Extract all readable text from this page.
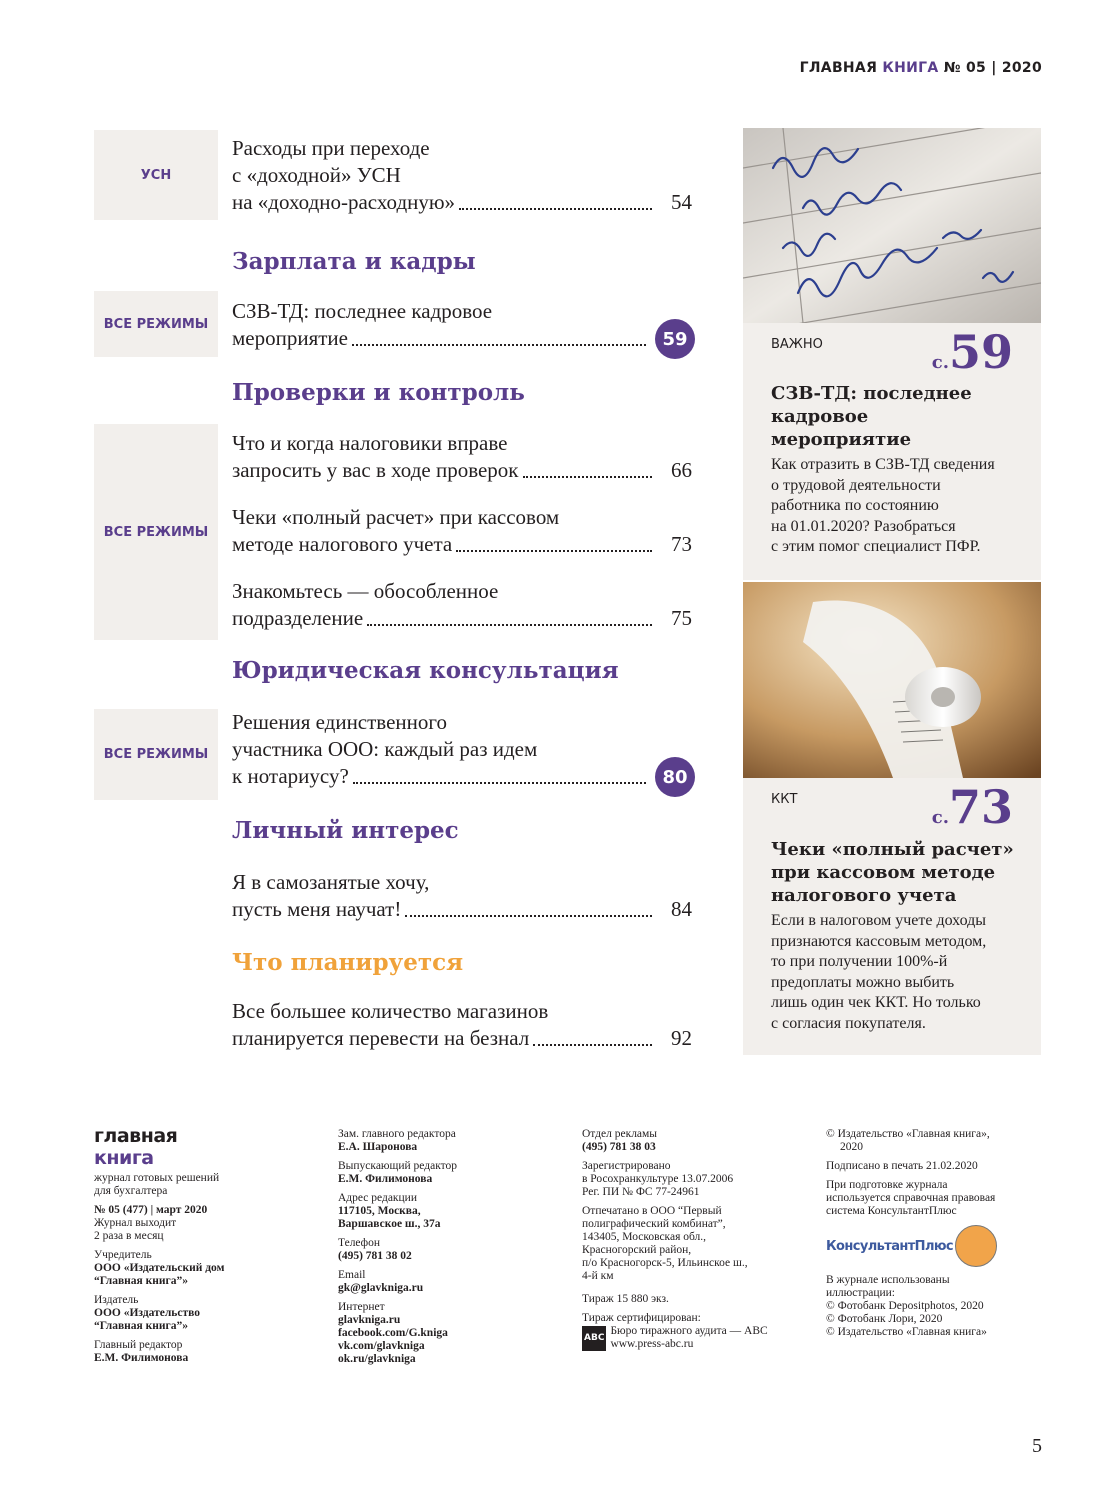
ГЛАВНАЯ КНИГА № 05 | 2020
УСН
Расходы при переходе
с «доходной» УСН
на «доходно-расходную»	54
Зарплата и кадры
ВСЕ РЕЖИМЫ
СЗВ-ТД: последнее кадровое
мероприятие	59
Проверки и контроль
ВСЕ РЕЖИМЫ
Что и когда налоговики вправе
запросить у вас в ходе проверок	66
Чеки «полный расчет» при кассовом
методе налогового учета	73
Знакомьтесь — обособленное
подразделение	75
Юридическая консультация
ВСЕ РЕЖИМЫ
Решения единственного
участника ООО: каждый раз идем
к нотариусу?	80
Личный интерес
Я в самозанятые хочу,
пусть меня научат!	84
Что планируется
Все большее количество магазинов
планируется перевести на безнал	92
ВАЖНО
с.59
СЗВ-ТД: последнее
кадровое
мероприятие
Как отразить в СЗВ-ТД сведения
о трудовой деятельности
работника по состоянию
на 01.01.2020? Разобраться
с этим помог специалист ПФР.
ККТ
с.73
Чеки «полный расчет»
при кассовом методе
налогового учета
Если в налоговом учете доходы
признаются кассовым методом,
то при получении 100%-й
предоплаты можно выбить
лишь один чек ККТ. Но только
с согласия покупателя.
главная
книга
журнал готовых решений
для бухгалтера
№ 05 (477) | март 2020
Журнал выходит
2 раза в месяц
Учредитель
ООО «Издательский дом
“Главная книга”»
Издатель
ООО «Издательство
“Главная книга”»
Главный редактор
Е.М. Филимонова
Зам. главного редактора
Е.А. Шаронова
Выпускающий редактор
Е.М. Филимонова
Адрес редакции
117105, Москва,
Варшавское ш., 37а
Телефон
(495) 781 38 02
Email
gk@glavkniga.ru
Интернет
glavkniga.ru
facebook.com/G.kniga
vk.com/glavkniga
ok.ru/glavkniga
Отдел рекламы
(495) 781 38 03
Зарегистрировано
в Росохранкультуре 13.07.2006
Рег. ПИ № ФС 77-24961
Отпечатано в ООО “Первый
полиграфический комбинат”,
143405, Московская обл.,
Красногорский район,
п/о Красногорск-5, Ильинское ш.,
4-й км
Тираж 15 880 экз.
Тираж сертифицирован:

ABC
Бюро тиражного аудита — ABC
www.press-abc.ru
© Издательство «Главная книга»,
2020
Подписано в печать 21.02.2020
При подготовке журнала
используется справочная правовая
система КонсультантПлюс
КонсультантПлюс
В журнале использованы
иллюстрации:
© Фотобанк Depositphotos, 2020
© Фотобанк Лори, 2020
© Издательство «Главная книга»
5
